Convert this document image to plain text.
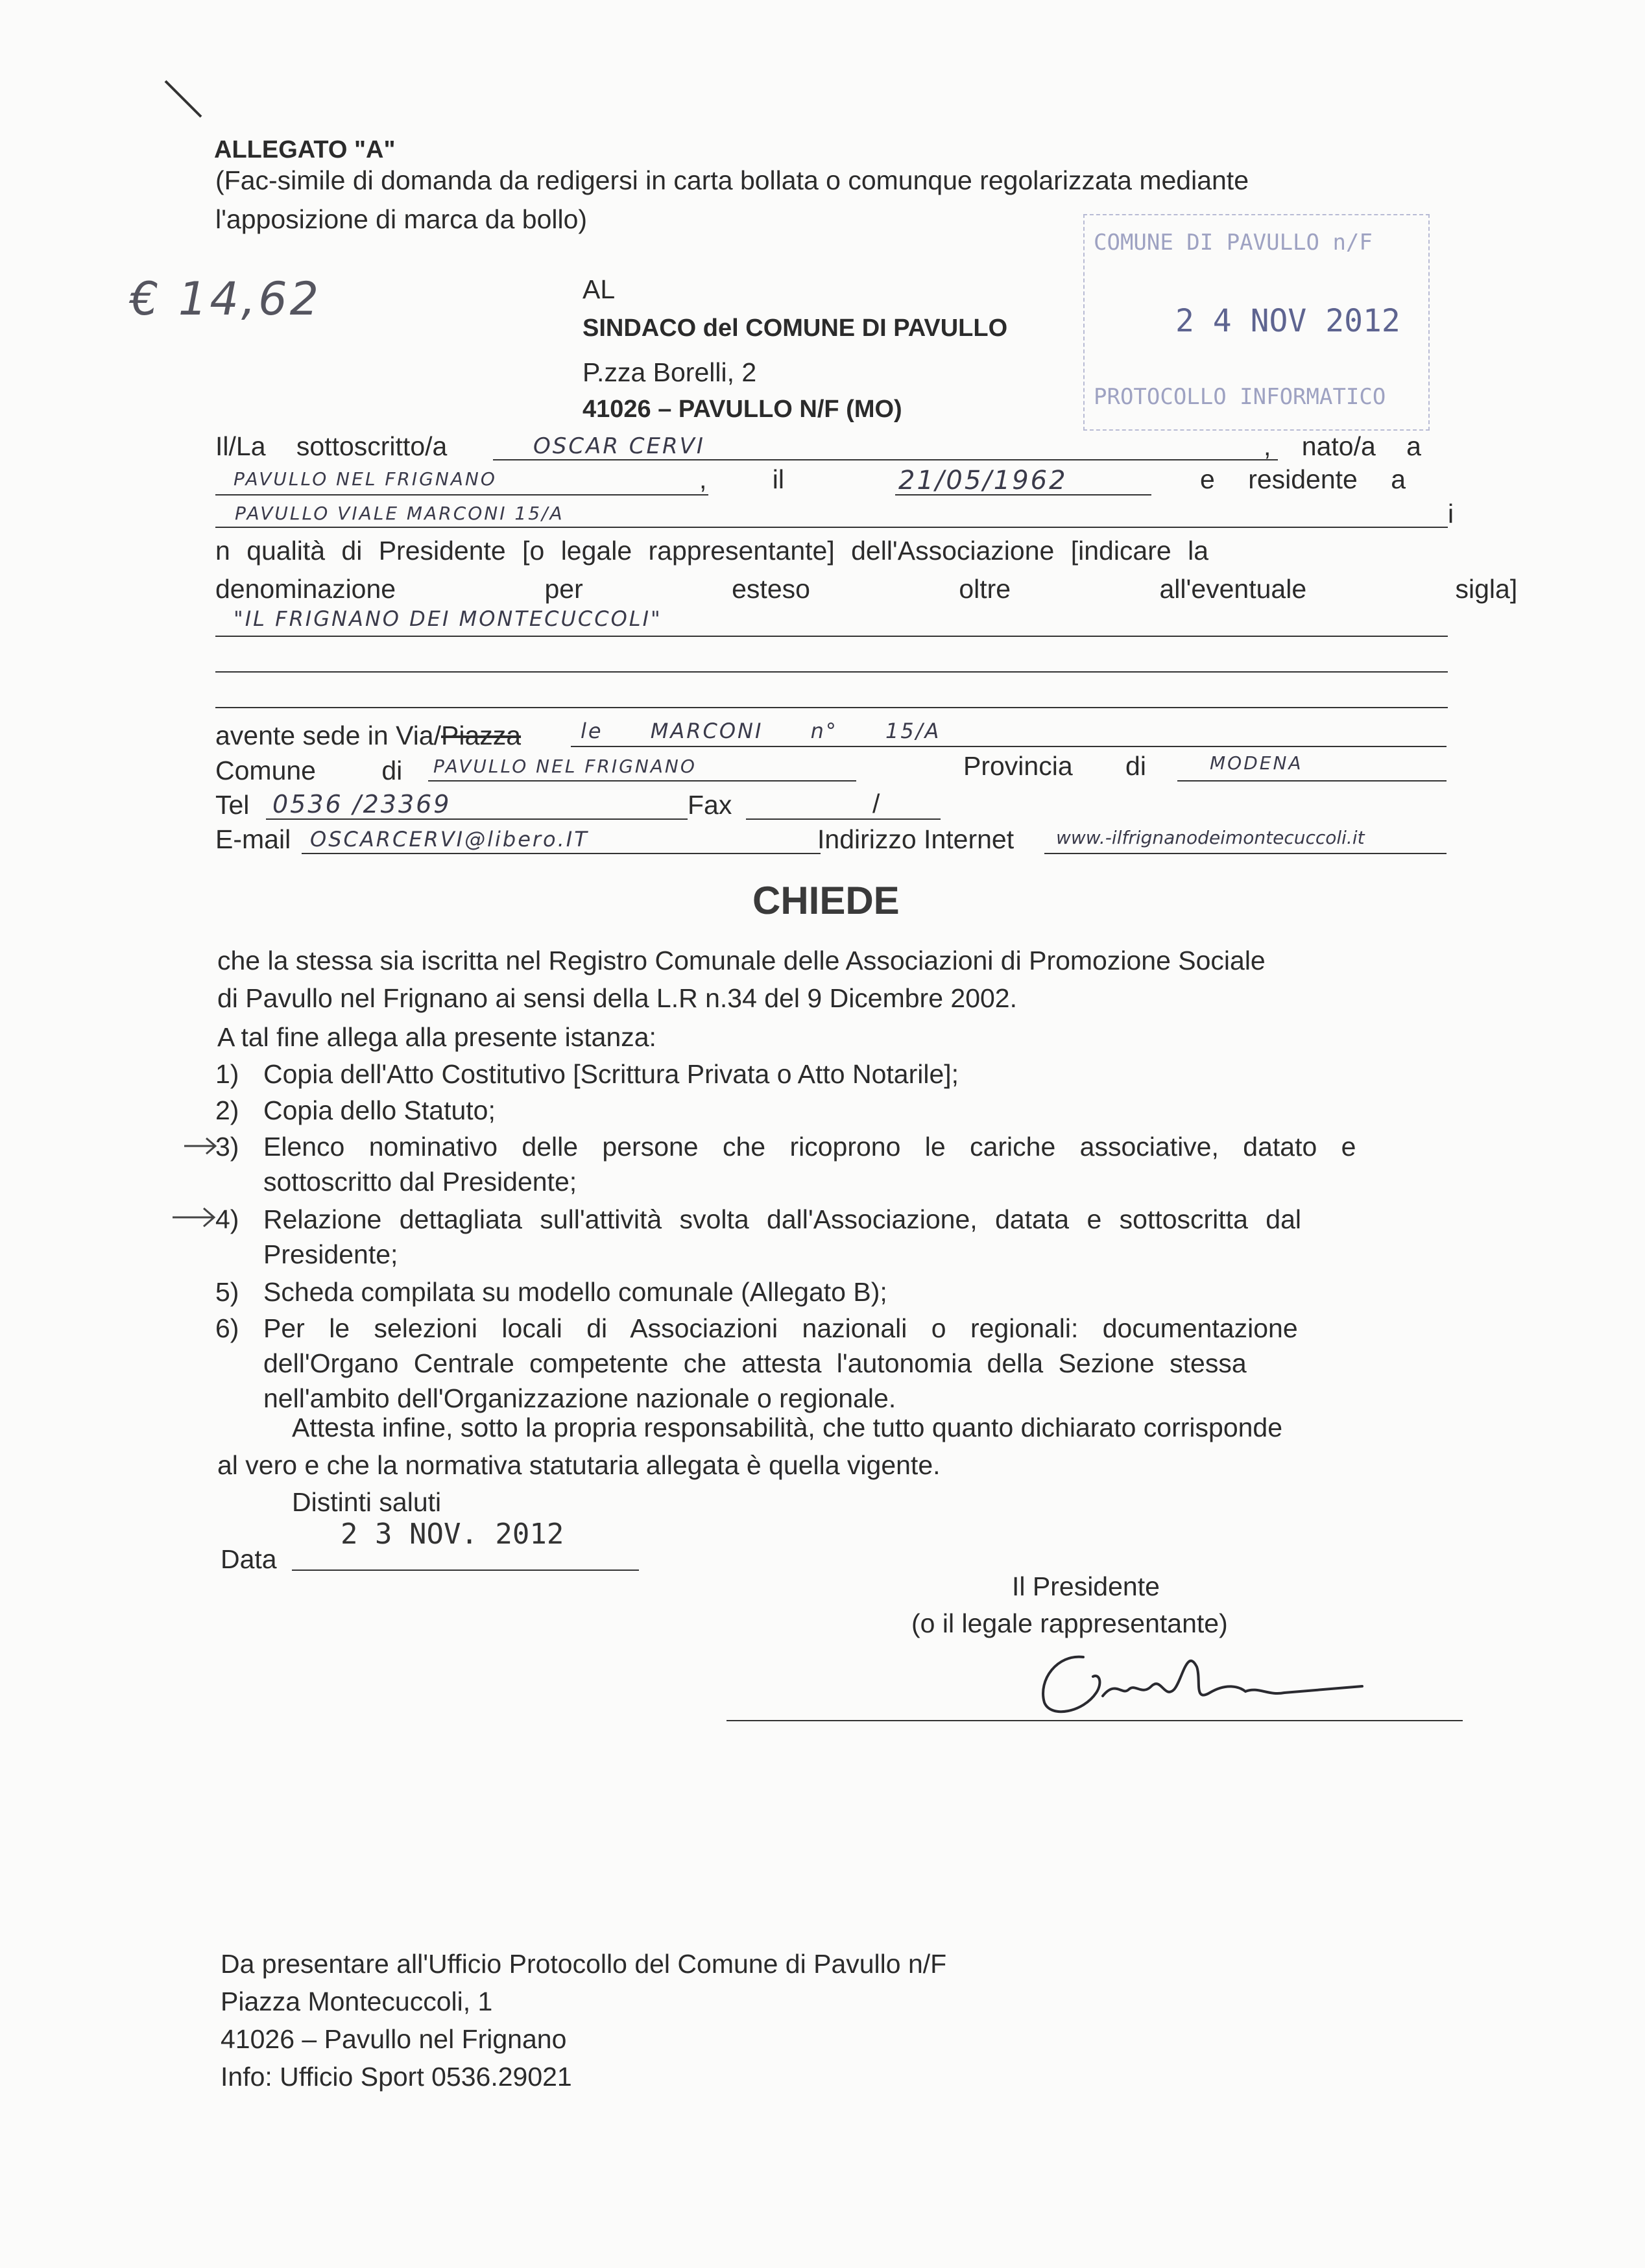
ALLEGATO "A"
(Fac-simile di domanda da redigersi in carta bollata o comunque regolarizzata mediante
l'apposizione di marca da bollo)
€ 14,62	AL
SINDACO del COMUNE DI PAVULLO
P.zza Borelli, 2
41026 – PAVULLO N/F (MO)
COMUNE DI PAVULLO n/F
2 4 NOV 2012
PROTOCOLLO INFORMATICO
Il/La sottoscritto/a	OSCAR CERVI	, nato/a a
PAVULLO NEL FRIGNANO	, il	21/05/1962	e residente a
PAVULLO VIALE MARCONI 15/A	i
n qualità di Presidente [o legale rappresentante] dell'Associazione [indicare la
denominazione per esteso oltre all'eventuale sigla]
"IL FRIGNANO DEI MONTECUCCOLI"
avente sede in Via/Piazza	le MARCONI n° 15/A
Comune di PAVULLO NEL FRIGNANO	Provincia di	MODENA
Tel 0536 /23369	Fax	/
E-mail OSCARCERVI@libero.IT	Indirizzo Internet www.-ilfrignanodeimontecuccoli.it
CHIEDE
che la stessa sia iscritta nel Registro Comunale delle Associazioni di Promozione Sociale
di Pavullo nel Frignano ai sensi della L.R n.34 del 9 Dicembre 2002.
A tal fine allega alla presente istanza:
1) Copia dell'Atto Costitutivo [Scrittura Privata o Atto Notarile];
2) Copia dello Statuto;
3) Elenco nominativo delle persone che ricoprono le cariche associative, datato e
sottoscritto dal Presidente;
4) Relazione dettagliata sull'attività svolta dall'Associazione, datata e sottoscritta dal
Presidente;
5) Scheda compilata su modello comunale (Allegato B);
6) Per le selezioni locali di Associazioni nazionali o regionali: documentazione
dell'Organo Centrale competente che attesta l'autonomia della Sezione stessa
nell'ambito dell'Organizzazione nazionale o regionale.
Attesta infine, sotto la propria responsabilità, che tutto quanto dichiarato corrisponde
al vero e che la normativa statutaria allegata è quella vigente.
Distinti saluti
Data
2 3 NOV. 2012
Il Presidente
(o il legale rappresentante)
Da presentare all'Ufficio Protocollo del Comune di Pavullo n/F
Piazza Montecuccoli, 1
41026 – Pavullo nel Frignano
Info: Ufficio Sport 0536.29021
